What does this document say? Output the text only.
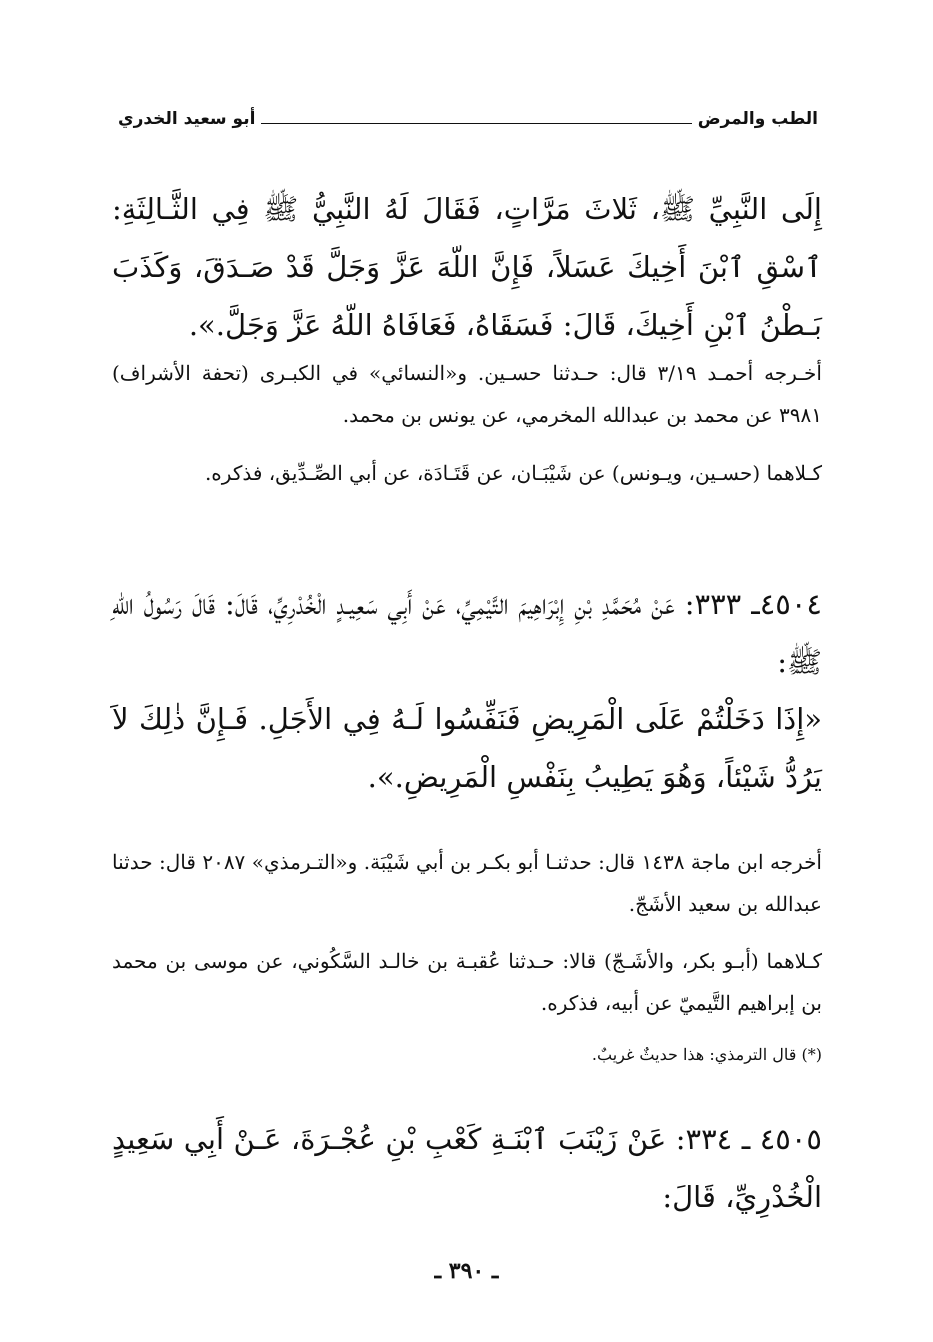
الطب والمرض
أبو سعيد الخدري
إِلَى النَّبِيِّ ﷺ، ثَلاثَ مَرَّاتٍ، فَقَالَ لَهُ النَّبِيُّ ﷺ فِي الثَّـالِثَةِ: ٱسْقِ ٱبْنَ أَخِيكَ عَسَلاً، فَإِنَّ اللّهَ عَزَّ وَجَلَّ قَدْ صَـدَقَ، وَكَذَبَ بَـطْنُ ٱبْنِ أَخِيكَ، قَالَ: فَسَقَاهُ، فَعَافَاهُ اللّهُ عَزَّ وَجَلَّ.».
أخـرجه أحمـد ٣/١٩ قال: حـدثنا حسـين. و«النسائي» في الكبـرى (تحفة الأشراف) ٣٩٨١ عن محمد بن عبدالله المخرمي، عن يونس بن محمد.
كـلاهما (حسـين، ويـونس) عن شَيْبَـان، عن قَتَـادَة، عن أبي الصِّـدِّيق، فذكره.
٤٥٠٤ـ ٣٣٣: عَنْ مُحَمَّدِ بْنِ إِبْرَاهِيمَ التَّيْمِيِّ، عَنْ أَبِي سَعِيـدٍ الْخُدْرِيِّ، قَالَ: قَالَ رَسُولُ اللّهِ ﷺ:
«إِذَا دَخَلْتُمْ عَلَى الْمَرِيضِ فَنَفِّسُوا لَـهُ فِي الأَجَلِ. فَـإِنَّ ذٰلِكَ لاَ يَرُدُّ شَيْئاً، وَهُوَ يَطِيبُ بِنَفْسِ الْمَرِيضِ.».
أخرجه ابن ماجة ١٤٣٨ قال: حدثنـا أبو بكـر بن أبي شَيْبَة. و«التـرمذي» ٢٠٨٧ قال: حدثنا عبدالله بن سعيد الأشَجّ.
كـلاهما (أبـو بكر، والأشَـجّ) قالا: حـدثنا عُقبـة بن خالـد السَّكُوني، عن موسى بن محمد بن إبراهيم التَّيميّ عن أبيه، فذكره.
(*) قال الترمذي: هذا حديثٌ غريبٌ.
٤٥٠٥ ـ ٣٣٤: عَنْ زَيْنَبَ ٱبْنَـةِ كَعْبِ بْنِ عُجْـرَةَ، عَـنْ أَبِي سَعِيدٍ الْخُدْرِيِّ، قَالَ:
ـ ٣٩٠ ـ
